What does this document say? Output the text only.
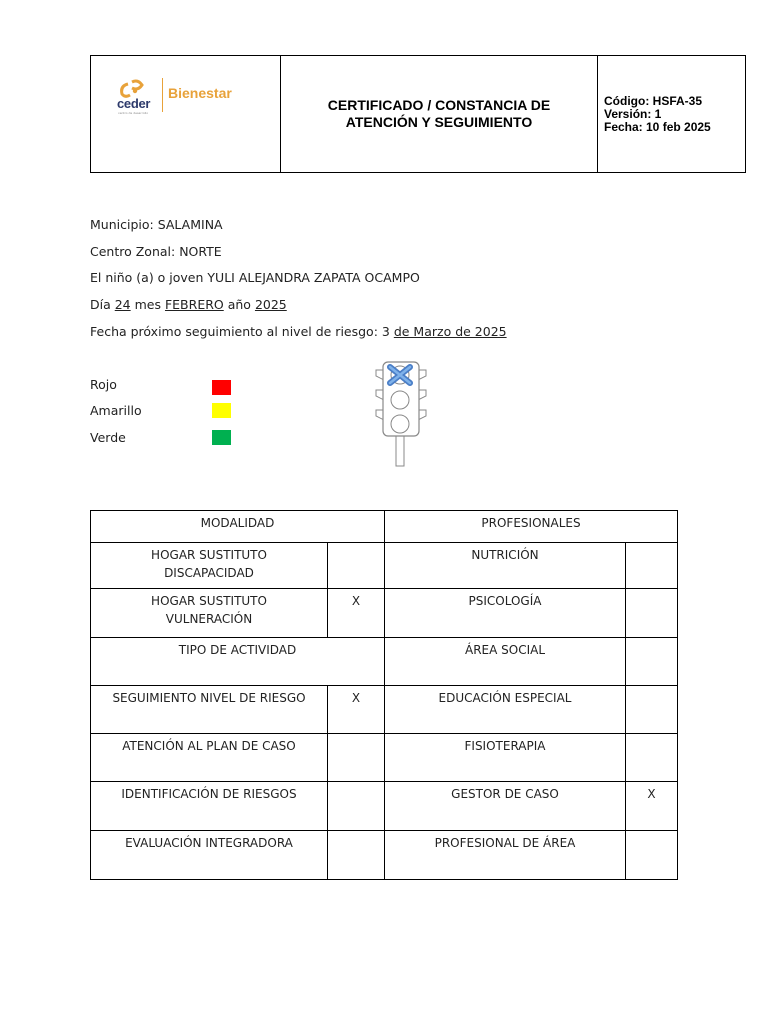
ceder
centro de desarrollo
Bienestar
CERTIFICADO / CONSTANCIA DE
ATENCIÓN Y SEGUIMIENTO
Código: HSFA-35
Versión: 1
Fecha: 10 feb 2025
Municipio: SALAMINA
Centro Zonal: NORTE
El niño (a) o joven YULI ALEJANDRA ZAPATA OCAMPO
Día 24 mes FEBRERO año 2025
Fecha próximo seguimiento al nivel de riesgo: 3 de Marzo de 2025
Rojo
Amarillo
Verde
MODALIDAD		PROFESIONALES	
HOGAR SUSTITUTO DISCAPACIDAD		NUTRICIÓN	
HOGAR SUSTITUTO VULNERACIÓN	X	PSICOLOGÍA	
TIPO DE ACTIVIDAD		ÁREA SOCIAL	
SEGUIMIENTO NIVEL DE RIESGO	X	EDUCACIÓN ESPECIAL	
ATENCIÓN AL PLAN DE CASO		FISIOTERAPIA	
IDENTIFICACIÓN DE RIESGOS		GESTOR DE CASO	X
EVALUACIÓN INTEGRADORA		PROFESIONAL DE ÁREA	
